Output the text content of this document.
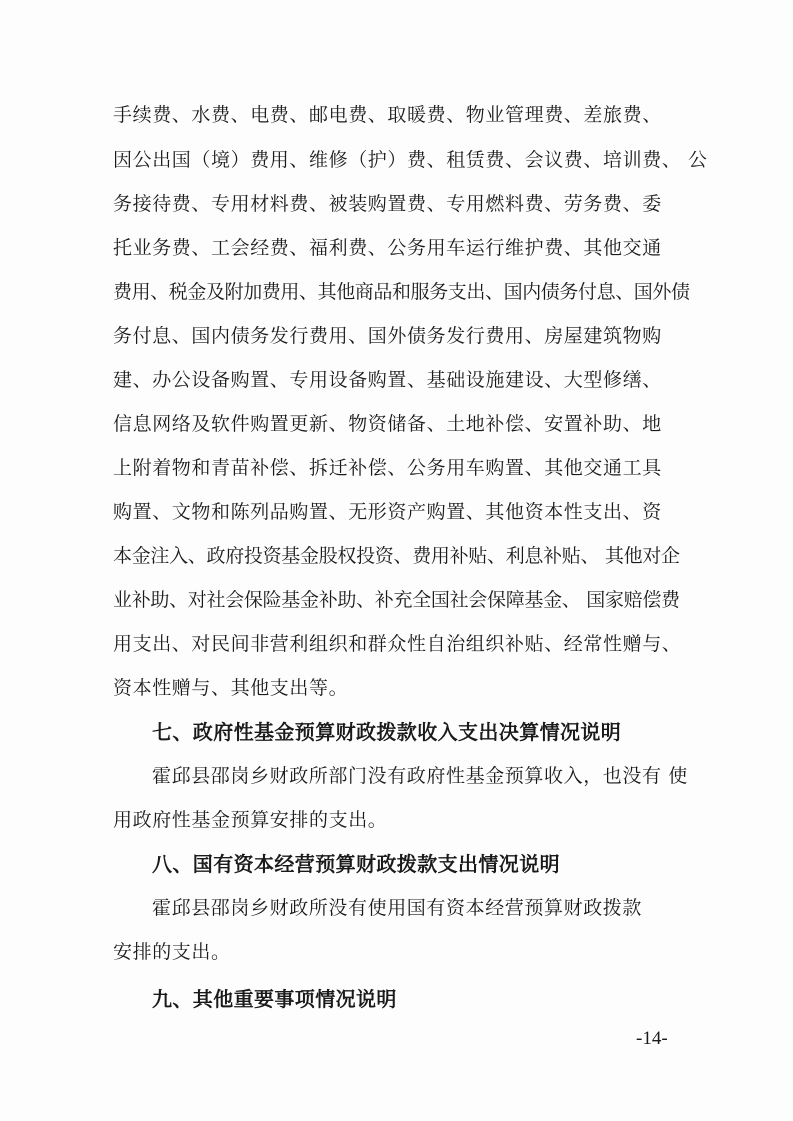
手续费、水费、电费、邮电费、取暖费、物业管理费、差旅费、
因公出国（境）费用、维修（护）费、租赁费、会议费、培训费、 公
务接待费、专用材料费、被装购置费、专用燃料费、劳务费、委
托业务费、工会经费、福利费、公务用车运行维护费、其他交通
费用、税金及附加费用、其他商品和服务支出、国内债务付息、国外债
务付息、国内债务发行费用、国外债务发行费用、房屋建筑物购
建、办公设备购置、专用设备购置、基础设施建设、大型修缮、
信息网络及软件购置更新、物资储备、土地补偿、安置补助、地
上附着物和青苗补偿、拆迁补偿、公务用车购置、其他交通工具
购置、文物和陈列品购置、无形资产购置、其他资本性支出、资
本金注入、政府投资基金股权投资、费用补贴、利息补贴、 其他对企
业补助、对社会保险基金补助、补充全国社会保障基金、 国家赔偿费
用支出、对民间非营利组织和群众性自治组织补贴、经常性赠与、
资本性赠与、其他支出等。
七、政府性基金预算财政拨款收入支出决算情况说明
霍邱县邵岗乡财政所部门没有政府性基金预算收入，也没有 使
用政府性基金预算安排的支出。
八、国有资本经营预算财政拨款支出情况说明
霍邱县邵岗乡财政所没有使用国有资本经营预算财政拨款
安排的支出。
九、其他重要事项情况说明
-14-
